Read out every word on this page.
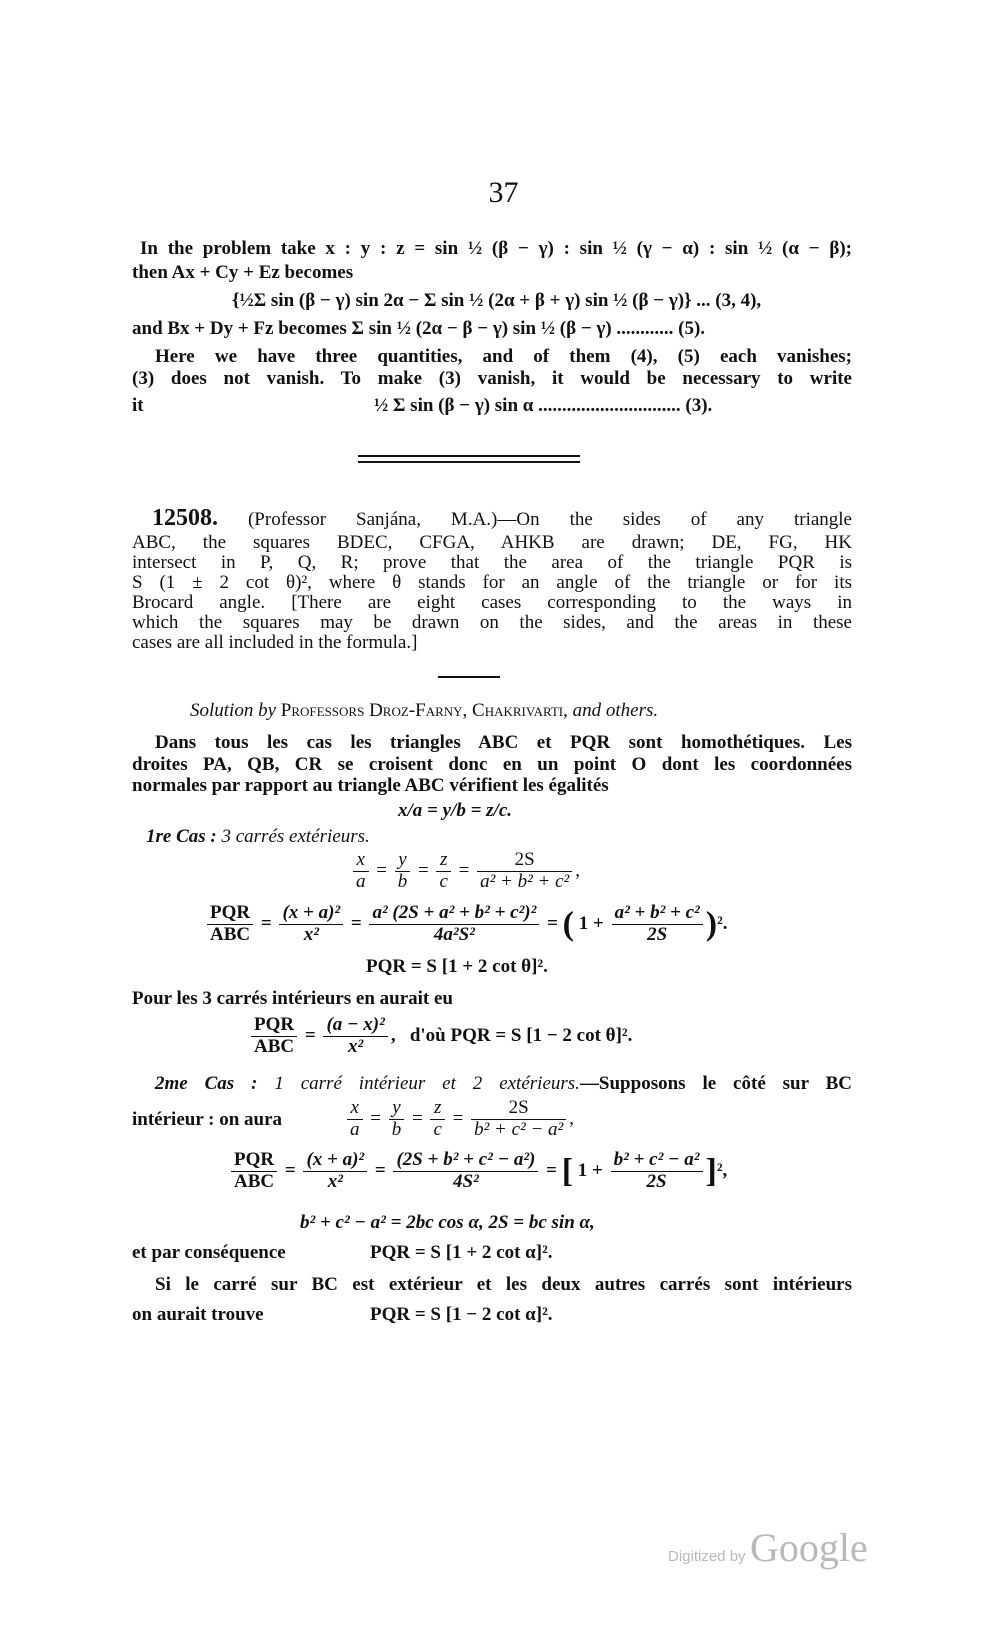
37
In the problem take x : y : z = sin ½ (β − γ) : sin ½ (γ − α) : sin ½ (α − β);
then Ax + Cy + Ez becomes
{½Σ sin (β − γ) sin 2α − Σ sin ½ (2α + β + γ) sin ½ (β − γ)} ... (3, 4),
and Bx + Dy + Fz becomes Σ sin ½ (2α − β − γ) sin ½ (β − γ) ............ (5).
Here we have three quantities, and of them (4), (5) each vanishes;
(3) does not vanish. To make (3) vanish, it would be necessary to write
it	½ Σ sin (β − γ) sin α .............................. (3).
12508. (Professor Sanjána, M.A.)—On the sides of any triangle
ABC, the squares BDEC, CFGA, AHKB are drawn; DE, FG, HK
intersect in P, Q, R; prove that the area of the triangle PQR is
S (1 ± 2 cot θ)², where θ stands for an angle of the triangle or for its
Brocard angle. [There are eight cases corresponding to the ways in
which the squares may be drawn on the sides, and the areas in these
cases are all included in the formula.]
Solution by Professors Droz-Farny, Chakrivarti, and others.
Dans tous les cas les triangles ABC et PQR sont homothétiques. Les
droites PA, QB, CR se croisent donc en un point O dont les coordonnées
normales par rapport au triangle ABC vérifient les égalités
x/a = y/b = z/c.
1re Cas : 3 carrés extérieurs.
$\frac{x}{a} = \frac{y}{b} = \frac{z}{c} = \frac{2S}{\text{a² + b² + c²}}$ ,
$\frac{\text{PQR}}{\text{ABC}} = \frac{\text{(x + a)²}}{\text{x²}} = \frac{\text{a² (2S + a² + b² + c²)²}}{\text{4a²S²}}$ = ( $1 + \frac{\text{a² + b² + c²}}{2S} )^2$.
PQR = S [1 + 2 cot θ]².
Pour les 3 carrés intérieurs en aurait eu
$\frac{\text{PQR}}{\text{ABC}} = \frac{\text{(a − x)²}}{\text{x²}}$ ,   d'où PQR = S [1 − 2 cot θ]².
2me Cas : 1 carré intérieur et 2 extérieurs.—Supposons le côté sur BC
intérieur : on aura	$\frac{x}{a} = \frac{y}{b} = \frac{z}{c} = \frac{2S}{\text{b² + c² − a²}}$ ,
$\frac{\text{PQR}}{\text{ABC}} = \frac{\text{(x + a)²}}{\text{x²}} = \frac{\text{(2S + b² + c² − a²)}}{\text{4S²}}$ = [ $1 + \frac{\text{b² + c² − a²}}{2S} ]^2$,
b² + c² − a² = 2bc cos α, 2S = bc sin α,
et par conséquence	PQR = S [1 + 2 cot α]².
Si le carré sur BC est extérieur et les deux autres carrés sont intérieurs
on aurait trouve	PQR = S [1 − 2 cot α]².
Digitized by Google
